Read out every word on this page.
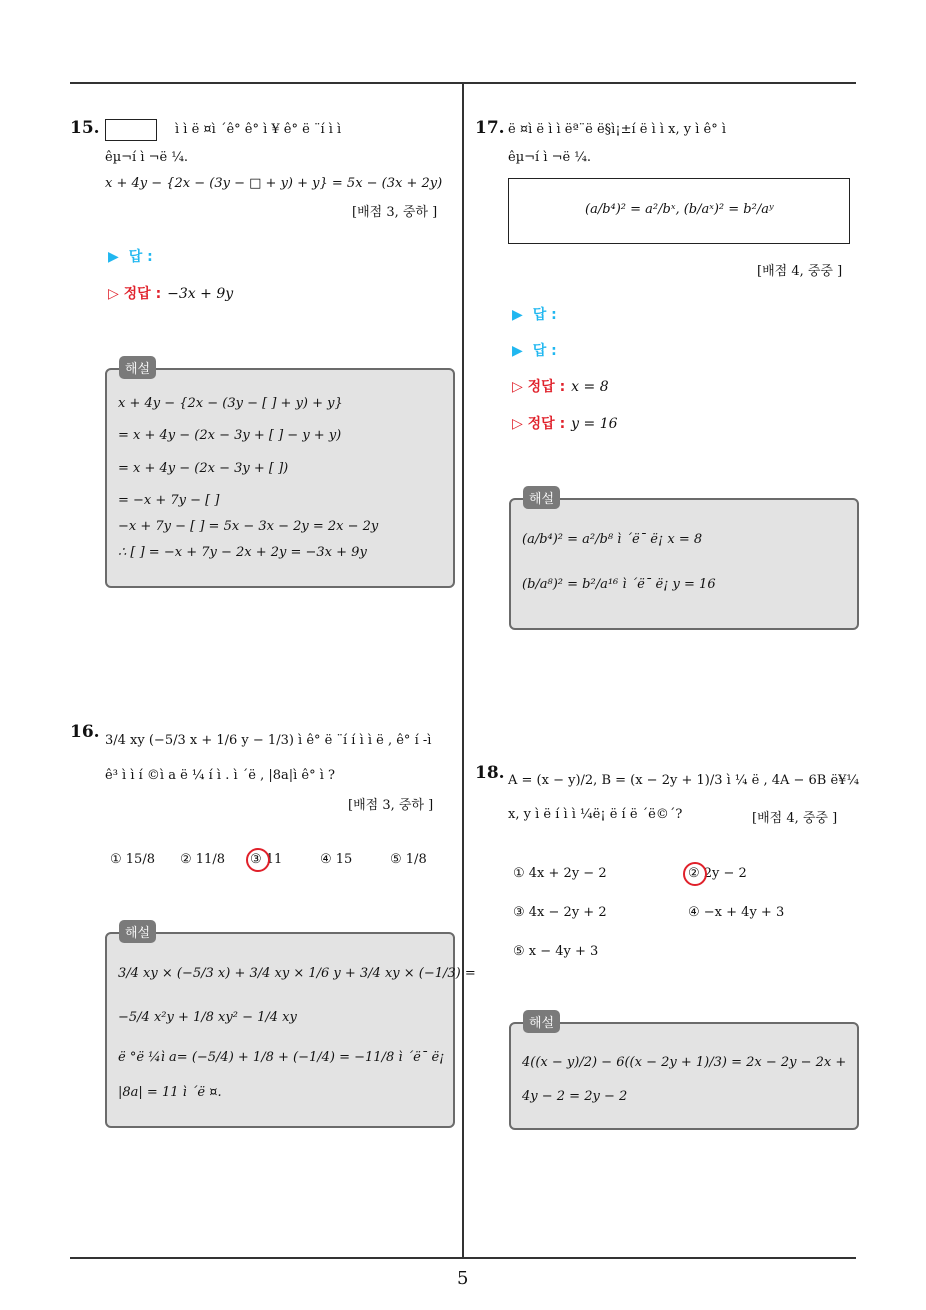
15.	ì ì ë ¤ì ´ê° ê° ì ¥ ê° ë ¨í ì ì
êµ¬í ì ¬ë ¼.
x + 4y − {2x − (3y − □ + y) + y} = 5x − (3x + 2y)
[배점 3, 중하 ]
▶ 답 :
▷ 정답 : −3x + 9y
해설
x + 4y − {2x − (3y − [ ] + y) + y}
= x + 4y − (2x − 3y + [ ] − y + y)
= x + 4y − (2x − 3y + [ ])
= −x + 7y − [ ]
−x + 7y − [ ] = 5x − 3x − 2y = 2x − 2y
∴ [ ] = −x + 7y − 2x + 2y = −3x + 9y
16. 3/4 xy (−5/3 x + 1/6 y − 1/3) ì ê° ë ¨í í ì ì ë , ê° í -ì
ê³ ì ì í ©ì a ë ¼ í ì . ì ´ë , |8a|ì ê° ì ?
[배점 3, 중하 ]
① 15/8 ② 11/8 ③ 11	④ 15	⑤ 1/8
해설
3/4 xy × (−5/3 x) + 3/4 xy × 1/6 y + 3/4 xy × (−1/3) =
−5/4 x²y + 1/8 xy² − 1/4 xy
ë °ë ¼ì a= (−5/4) + 1/8 + (−1/4) = −11/8 ì ´ë¯ ë¡
|8a| = 11 ì ´ë ¤.
17. ë ¤ì ë ì ì ëª¨ë ë§ì¡±í ë ì ì x, y ì ê° ì
êµ¬í ì ¬ë ¼.
(a/b⁴)² = a²/bˣ, (b/aˣ)² = b²/aʸ
[배점 4, 중중 ]
▶ 답 :
▶ 답 :
▷ 정답 : x = 8
▷ 정답 : y = 16
해설
(a/b⁴)² = a²/b⁸ ì ´ë¯ ë¡ x = 8
(b/a⁸)² = b²/a¹⁶ ì ´ë¯ ë¡ y = 16
18. A = (x − y)/2, B = (x − 2y + 1)/3 ì ¼ ë , 4A − 6B ë¥¼
x, y ì ë í ì ì ¼ë¡ ë í ë ´ë©´?	[배점 4, 중중 ]
① 4x + 2y − 2	② 2y − 2
③ 4x − 2y + 2	④ −x + 4y + 3
⑤ x − 4y + 3
해설
4((x − y)/2) − 6((x − 2y + 1)/3) = 2x − 2y − 2x +
4y − 2 = 2y − 2
5
